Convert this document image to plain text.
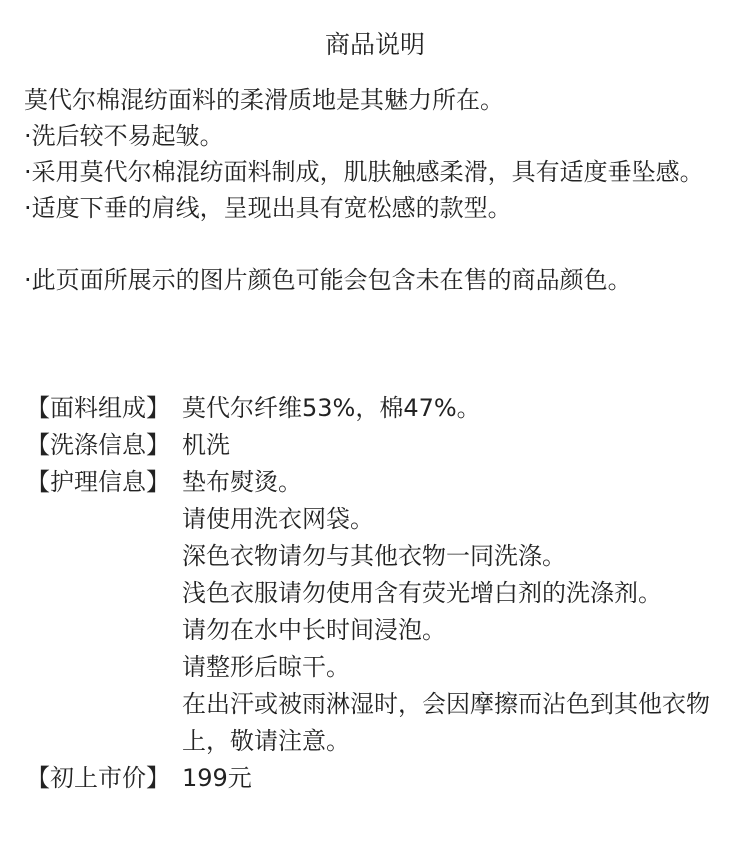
商品说明

莫代尔棉混纺面料的柔滑质地是其魅力所在。

·洗后较不易起皱。

·采用莫代尔棉混纺面料制成，肌肤触感柔滑，具有适度垂坠感。

·适度下垂的肩线，呈现出具有宽松感的款型。

·此页面所展示的图片颜色可能会包含未在售的商品颜色。

【面料组成】 莫代尔纤维53%，棉47%。
【洗涤信息】 机洗
【护理信息】 垫布熨烫。
请使用洗衣网袋。
深色衣物请勿与其他衣物一同洗涤。
浅色衣服请勿使用含有荧光增白剂的洗涤剂。
请勿在水中长时间浸泡。
请整形后晾干。
在出汗或被雨淋湿时，会因摩擦而沾色到其他衣物上，敬请注意。
【初上市价】 199元
